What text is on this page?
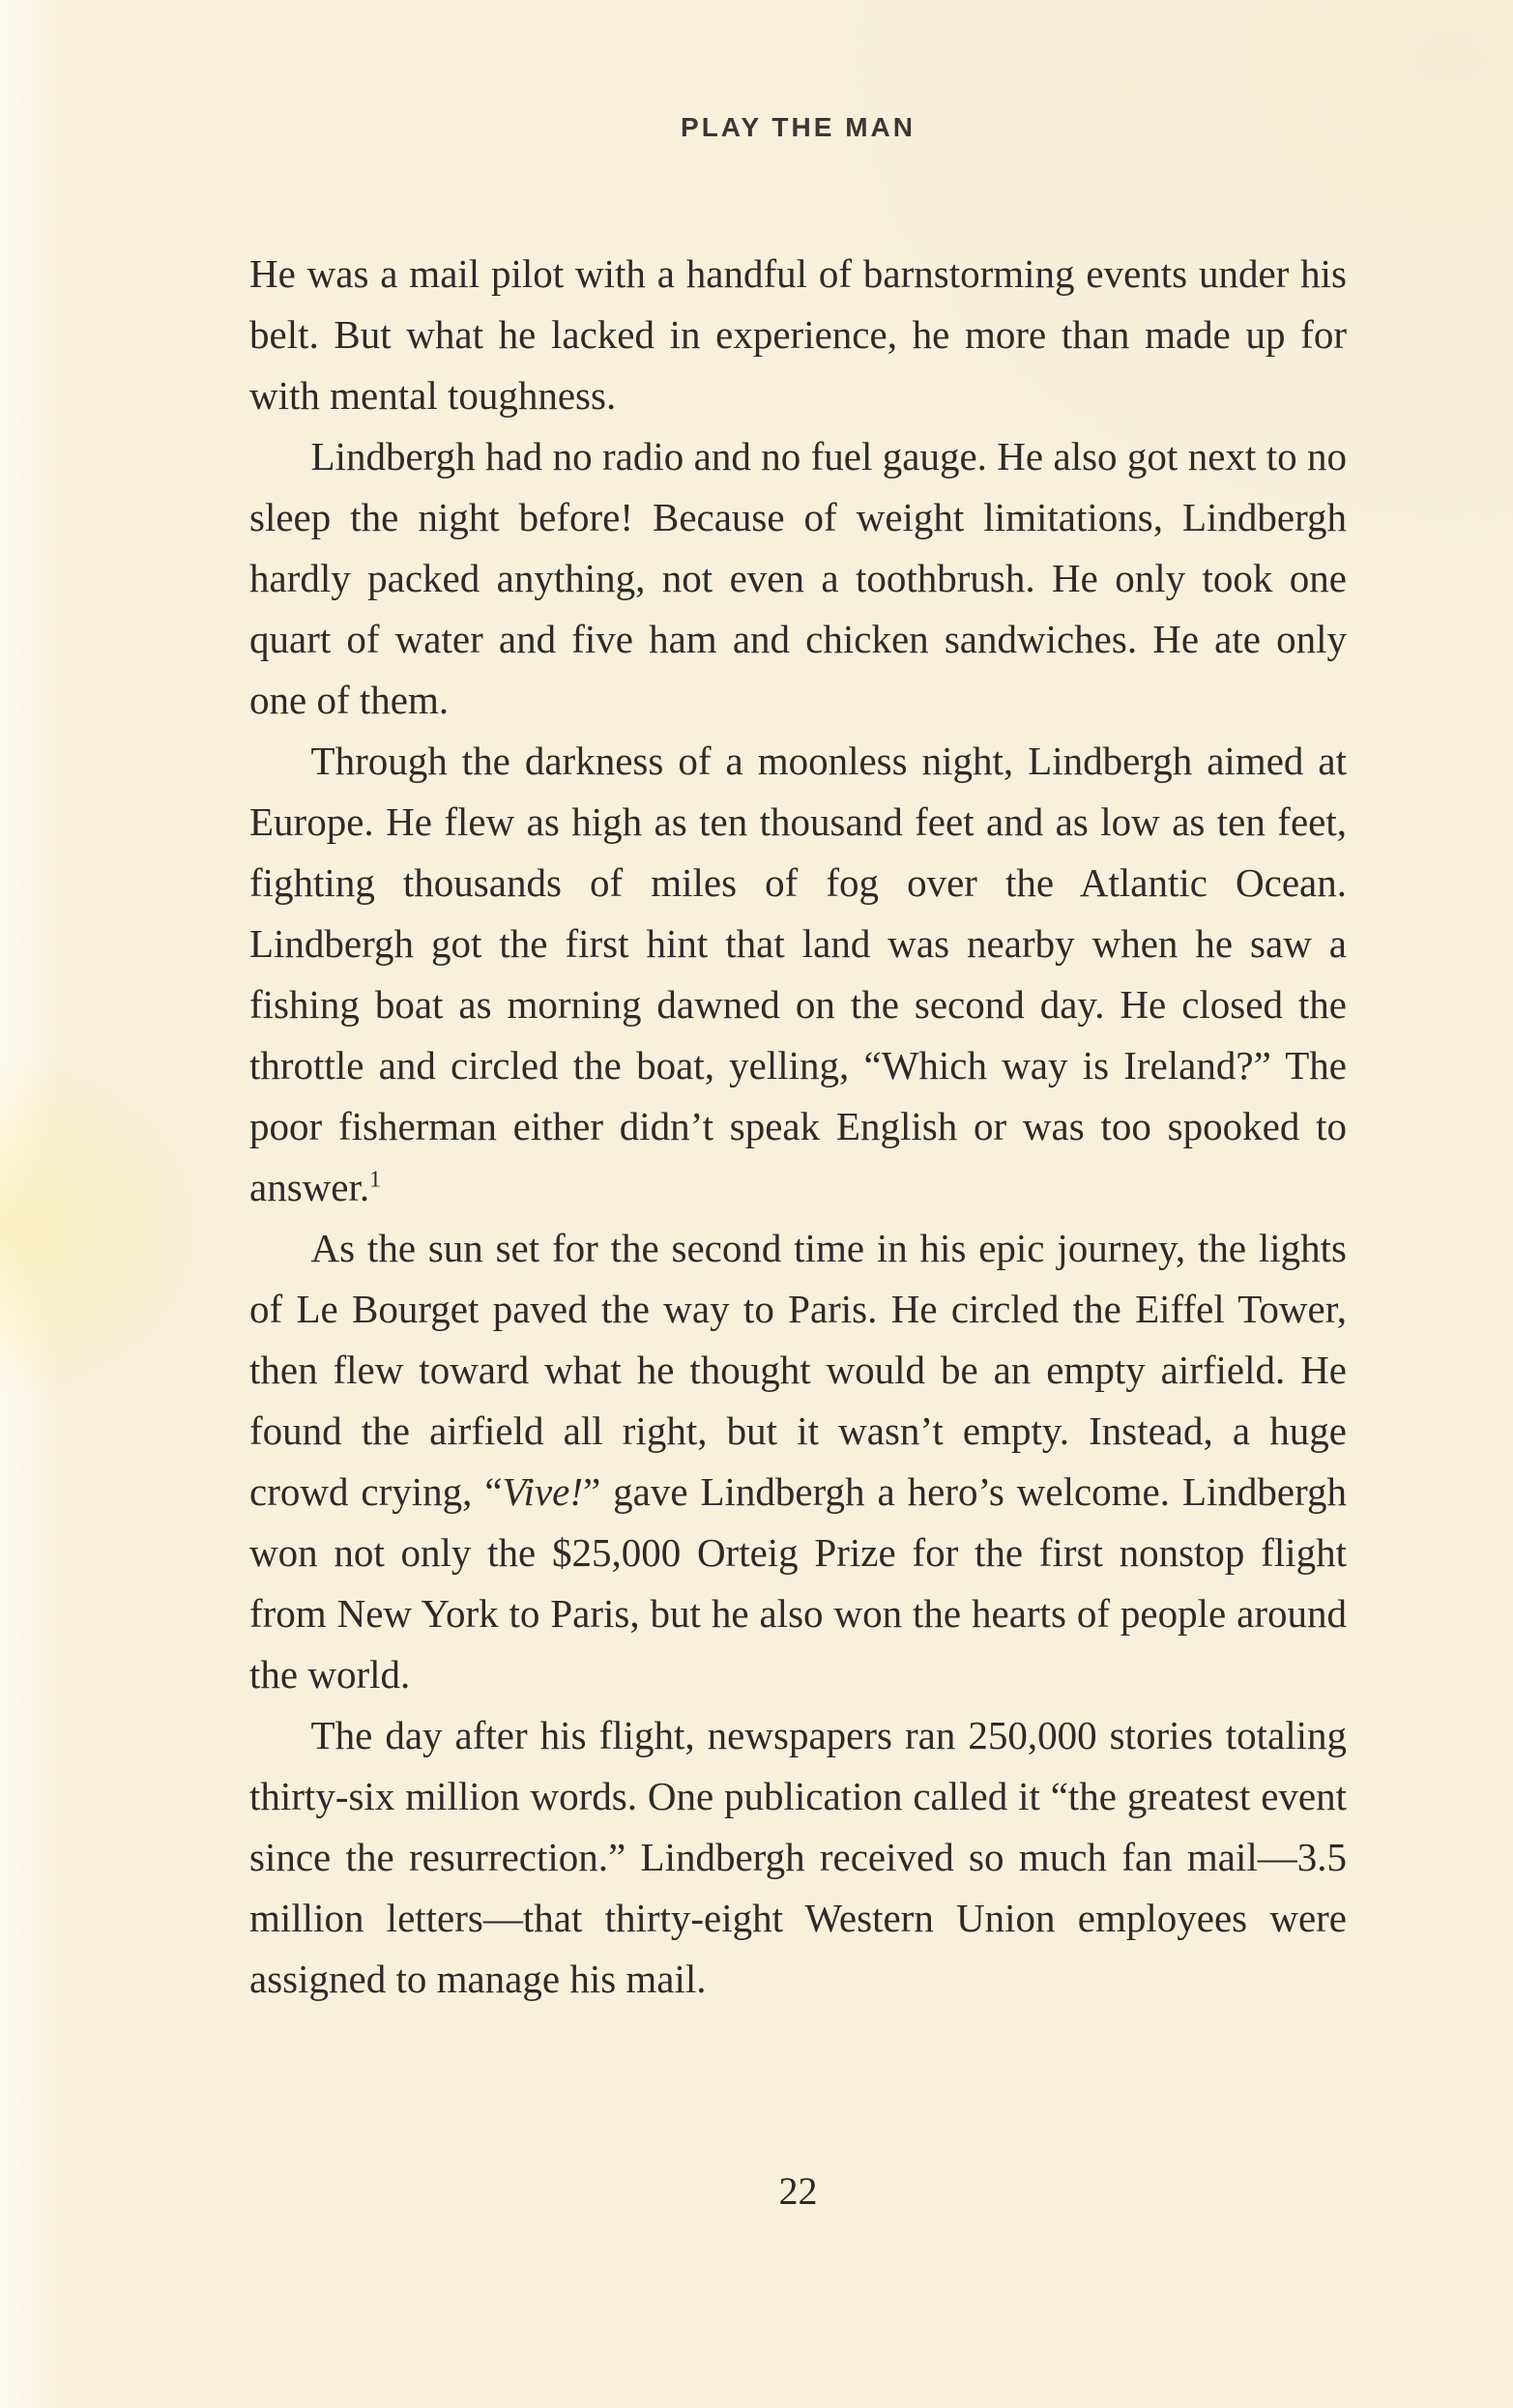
PLAY THE MAN

He was a mail pilot with a handful of barnstorming events under his belt. But what he lacked in experience, he more than made up for with mental toughness.

Lindbergh had no radio and no fuel gauge. He also got next to no sleep the night before! Because of weight limitations, Lindbergh hardly packed anything, not even a toothbrush. He only took one quart of water and five ham and chicken sandwiches. He ate only one of them.

Through the darkness of a moonless night, Lindbergh aimed at Europe. He flew as high as ten thousand feet and as low as ten feet, fighting thousands of miles of fog over the Atlantic Ocean. Lindbergh got the first hint that land was nearby when he saw a fishing boat as morning dawned on the second day. He closed the throttle and circled the boat, yelling, “Which way is Ireland?” The poor fisherman either didn’t speak English or was too spooked to answer.$^1$

As the sun set for the second time in his epic journey, the lights of Le Bourget paved the way to Paris. He circled the Eiffel Tower, then flew toward what he thought would be an empty airfield. He found the airfield all right, but it wasn’t empty. Instead, a huge crowd crying, “Vive!” gave Lindbergh a hero’s welcome. Lindbergh won not only the $25,000 Orteig Prize for the first nonstop flight from New York to Paris, but he also won the hearts of people around the world.

The day after his flight, newspapers ran 250,000 stories totaling thirty-six million words. One publication called it “the greatest event since the resurrection.” Lindbergh received so much fan mail—3.5 million letters—that thirty-eight Western Union employees were assigned to manage his mail.

22
